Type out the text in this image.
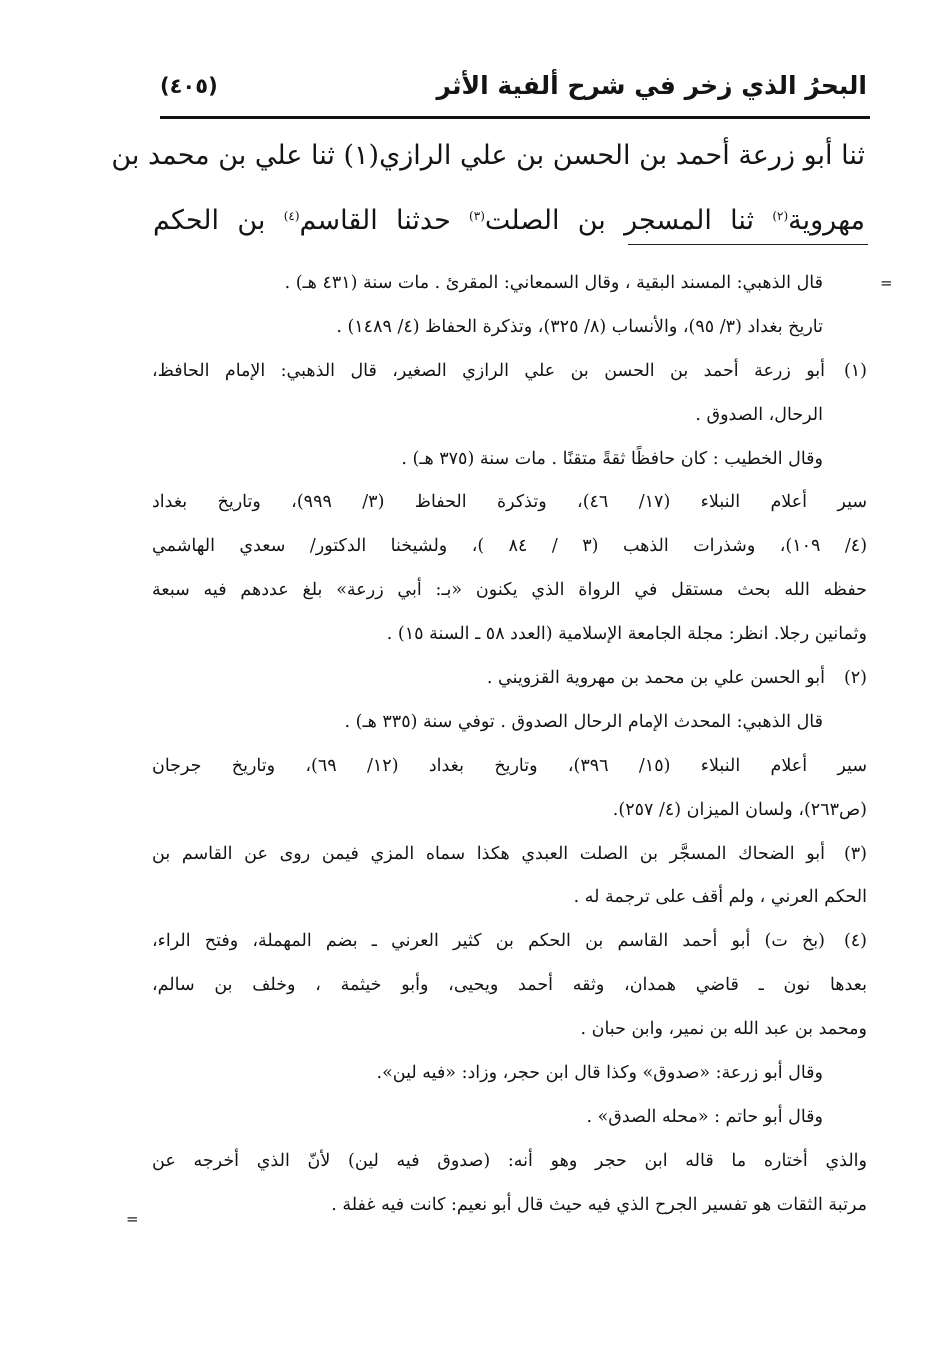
البحرُ الذي زخر في شرح ألفية الأثر
(٤٠٥)
ثنا أبو زرعة أحمد بن الحسن بن علي الرازي(١) ثنا علي بن محمد بن
مهروية$^{(٢)}$ ثنا المسجر بن الصلت$^{(٣)}$ حدثنا القاسم$^{(٤)}$ بن الحكم
=
قال الذهبي: المسند البقية ، وقال السمعاني: المقرئ . مات سنة (٤٣١ هـ) .
تاريخ بغداد (٣/ ٩٥)، والأنساب (٨/ ٣٢٥)، وتذكرة الحفاظ (٤/ ١٤٨٩) .
(١)أبو زرعة أحمد بن الحسن بن علي الرازي الصغير، قال الذهبي: الإمام الحافظ،
الرحال، الصدوق .
وقال الخطيب : كان حافظًا ثقةً متقنًا . مات سنة (٣٧٥ هـ) .
سير أعلام النبلاء (١٧/ ٤٦)، وتذكرة الحفاظ (٣/ ٩٩٩)، وتاريخ بغداد
(٤/ ١٠٩)، وشذرات الذهب (٣ / ٨٤ )، ولشيخنا الدكتور/ سعدي الهاشمي
حفظه الله بحث مستقل في الرواة الذي يكنون «بـ: أبي زرعة» بلغ عددهم فيه سبعة
وثمانين رجلا. انظر: مجلة الجامعة الإسلامية (العدد ٥٨ ـ السنة ١٥) .
(٢)أبو الحسن علي بن محمد بن مهروية القزويني .
قال الذهبي: المحدث الإمام الرحال الصدوق . توفي سنة (٣٣٥ هـ) .
سير أعلام النبلاء (١٥/ ٣٩٦)، وتاريخ بغداد (١٢/ ٦٩)، وتاريخ جرجان
(ص٢٦٣)، ولسان الميزان (٤/ ٢٥٧).
(٣)أبو الضحاك المسجَّر بن الصلت العبدي هكذا سماه المزي فيمن روى عن القاسم بن
الحكم العرني ، ولم أقف على ترجمة له .
(٤)(بخ ت) أبو أحمد القاسم بن الحكم بن كثير العرني ـ بضم المهملة، وفتح الراء،
بعدها نون ـ قاضي همدان، وثقه أحمد ويحيى، وأبو خيثمة ، وخلف بن سالم،
ومحمد بن عبد الله بن نمير، وابن حبان .
وقال أبو زرعة: «صدوق» وكذا قال ابن حجر، وزاد: «فيه لين».
وقال أبو حاتم : «محله الصدق» .
والذي أختاره ما قاله ابن حجر وهو أنه: (صدوق فيه لين) لأنّ الذي أخرجه عن
مرتبة الثقات هو تفسير الجرح الذي فيه حيث قال أبو نعيم: كانت فيه غفلة .
=
